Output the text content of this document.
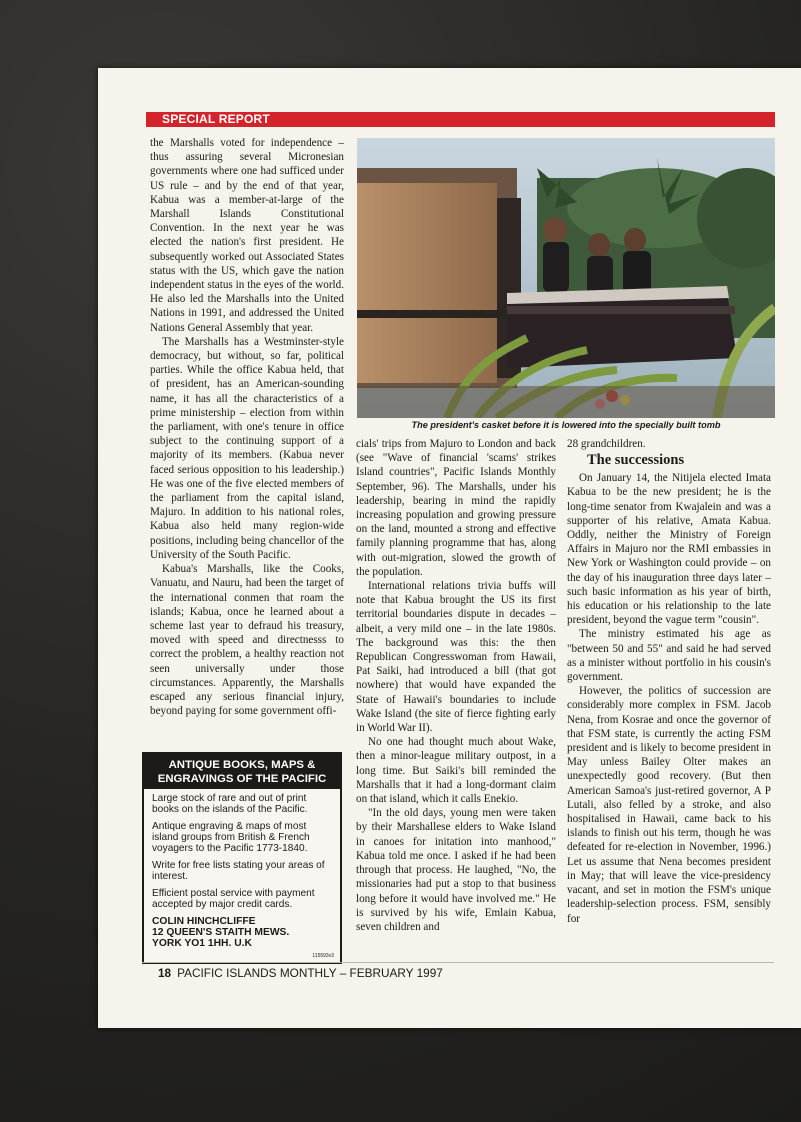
SPECIAL REPORT

the Marshalls voted for independence – thus assuring several Micronesian governments where one had sufficed under US rule – and by the end of that year, Kabua was a member-at-large of the Marshall Islands Constitutional Convention. In the next year he was elected the nation's first president. He subsequently worked out Associated States status with the US, which gave the nation independent status in the eyes of the world. He also led the Marshalls into the United Nations in 1991, and addressed the United Nations General Assembly that year.

The Marshalls has a Westminster-style democracy, but without, so far, political parties. While the office Kabua held, that of president, has an American-sounding name, it has all the characteristics of a prime ministership – election from within the parliament, with one's tenure in office subject to the continuing support of a majority of its members. (Kabua never faced serious opposition to his leadership.) He was one of the five elected members of the parliament from the capital island, Majuro. In addition to his national roles, Kabua also held many region-wide positions, including being chancellor of the University of the South Pacific.

Kabua's Marshalls, like the Cooks, Vanuatu, and Nauru, had been the target of the international conmen that roam the islands; Kabua, once he learned about a scheme last year to defraud his treasury, moved with speed and directnesss to correct the problem, a healthy reaction not seen universally under those circumstances. Apparently, the Marshalls escaped any serious financial injury, beyond paying for some government offi-

The president's casket before it is lowered into the specially built tomb

cials' trips from Majuro to London and back (see "Wave of financial 'scams' strikes Island countries", Pacific Islands Monthly September, 96). The Marshalls, under his leadership, bearing in mind the rapidly increasing population and growing pressure on the land, mounted a strong and effective family planning programme that has, along with out-migration, slowed the growth of the population.

International relations trivia buffs will note that Kabua brought the US its first territorial boundaries dispute in decades – albeit, a very mild one – in the late 1980s. The background was this: the then Republican Congresswoman from Hawaii, Pat Saiki, had introduced a bill (that got nowhere) that would have expanded the State of Hawaii's boundaries to include Wake Island (the site of fierce fighting early in World War II).

No one had thought much about Wake, then a minor-league military outpost, in a long time. But Saiki's bill reminded the Marshalls that it had a long-dormant claim on that island, which it calls Enekio.

"In the old days, young men were taken by their Marshallese elders to Wake Island in canoes for initation into manhood," Kabua told me once. I asked if he had been through that process. He laughed, "No, the missionaries had put a stop to that business long before it would have involved me." He is survived by his wife, Emlain Kabua, seven children and

28 grandchildren.

The successions

On January 14, the Nitijela elected Imata Kabua to be the new president; he is the long-time senator from Kwajalein and was a supporter of his relative, Amata Kabua. Oddly, neither the Ministry of Foreign Affairs in Majuro nor the RMI embassies in New York or Washington could provide – on the day of his inauguration three days later – such basic information as his year of birth, his education or his relationship to the late president, beyond the vague term "cousin".

The ministry estimated his age as "between 50 and 55" and said he had served as a minister without portfolio in his cousin's government.

However, the politics of succession are considerably more complex in FSM. Jacob Nena, from Kosrae and once the governor of that FSM state, is currently the acting FSM president and is likely to become president in May unless Bailey Olter makes an unexpectedly good recovery. (But then American Samoa's just-retired governor, A P Lutali, also felled by a stroke, and also hospitalised in Hawaii, came back to his islands to finish out his term, though he was defeated for re-election in November, 1996.) Let us assume that Nena becomes president in May; that will leave the vice-presidency vacant, and set in motion the FSM's unique leadership-selection process. FSM, sensibly for

ANTIQUE BOOKS, MAPS & ENGRAVINGS OF THE PACIFIC

Large stock of rare and out of print books on the islands of the Pacific.

Antique engraving & maps of most island groups from British & French voyagers to the Pacific 1773-1840.

Write for free lists stating your areas of interest.

Efficient postal service with payment accepted by major credit cards.

COLIN HINCHCLIFFE

12 QUEEN'S STAITH MEWS.

YORK YO1 1HH. U.K

115593v3
18 PACIFIC ISLANDS MONTHLY – FEBRUARY 1997
